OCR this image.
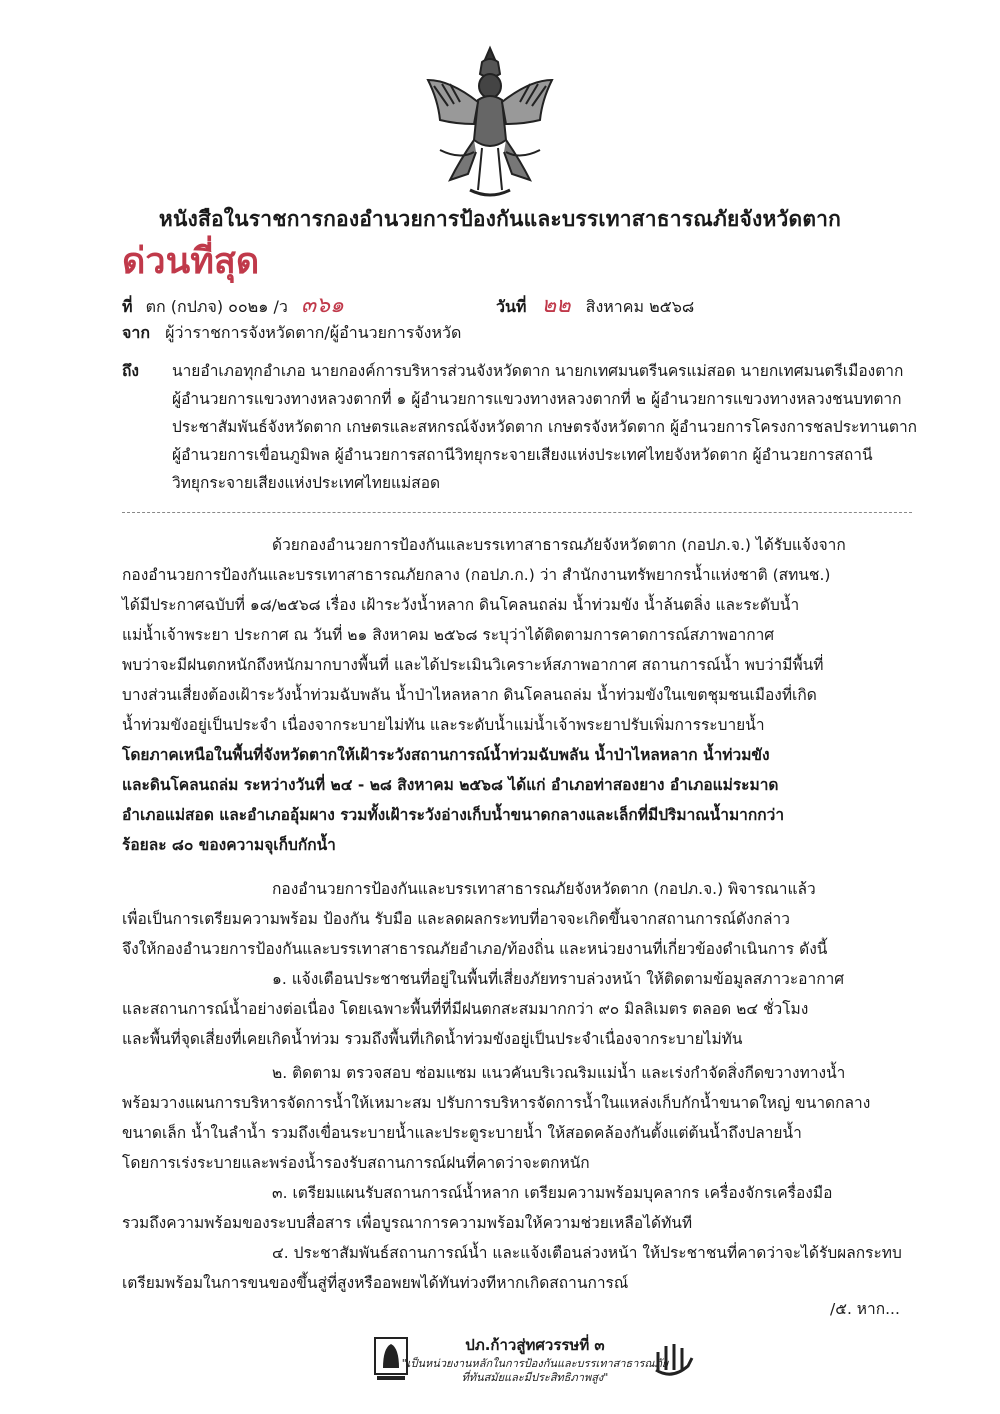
หนังสือในราชการกองอำนวยการป้องกันและบรรเทาสาธารณภัยจังหวัดตาก
ด่วนที่สุด
ที่ ตก (กปภจ) ๐๐๒๑ /ว ๓๖๑	วันที่ ๒๒ สิงหาคม ๒๕๖๘
จาก ผู้ว่าราชการจังหวัดตาก/ผู้อำนวยการจังหวัด
ถึง นายอำเภอทุกอำเภอ นายกองค์การบริหารส่วนจังหวัดตาก นายกเทศมนตรีนครแม่สอด นายกเทศมนตรีเมืองตาก
ผู้อำนวยการแขวงทางหลวงตากที่ ๑ ผู้อำนวยการแขวงทางหลวงตากที่ ๒ ผู้อำนวยการแขวงทางหลวงชนบทตาก
ประชาสัมพันธ์จังหวัดตาก เกษตรและสหกรณ์จังหวัดตาก เกษตรจังหวัดตาก ผู้อำนวยการโครงการชลประทานตาก
ผู้อำนวยการเขื่อนภูมิพล ผู้อำนวยการสถานีวิทยุกระจายเสียงแห่งประเทศไทยจังหวัดตาก ผู้อำนวยการสถานี
วิทยุกระจายเสียงแห่งประเทศไทยแม่สอด
ด้วยกองอำนวยการป้องกันและบรรเทาสาธารณภัยจังหวัดตาก (กอปภ.จ.) ได้รับแจ้งจาก
กองอำนวยการป้องกันและบรรเทาสาธารณภัยกลาง (กอปภ.ก.) ว่า สำนักงานทรัพยากรน้ำแห่งชาติ (สทนช.)
ได้มีประกาศฉบับที่ ๑๘/๒๕๖๘ เรื่อง เฝ้าระวังน้ำหลาก ดินโคลนถล่ม น้ำท่วมขัง น้ำล้นตลิ่ง และระดับน้ำ
แม่น้ำเจ้าพระยา ประกาศ ณ วันที่ ๒๑ สิงหาคม ๒๕๖๘ ระบุว่าได้ติดตามการคาดการณ์สภาพอากาศ
พบว่าจะมีฝนตกหนักถึงหนักมากบางพื้นที่ และได้ประเมินวิเคราะห์สภาพอากาศ สถานการณ์น้ำ พบว่ามีพื้นที่
บางส่วนเสี่ยงต้องเฝ้าระวังน้ำท่วมฉับพลัน น้ำป่าไหลหลาก ดินโคลนถล่ม น้ำท่วมขังในเขตชุมชนเมืองที่เกิด
น้ำท่วมขังอยู่เป็นประจำ เนื่องจากระบายไม่ทัน และระดับน้ำแม่น้ำเจ้าพระยาปรับเพิ่มการระบายน้ำ
โดยภาคเหนือในพื้นที่จังหวัดตากให้เฝ้าระวังสถานการณ์น้ำท่วมฉับพลัน น้ำป่าไหลหลาก น้ำท่วมขัง
และดินโคลนถล่ม ระหว่างวันที่ ๒๔ - ๒๘ สิงหาคม ๒๕๖๘ ได้แก่ อำเภอท่าสองยาง อำเภอแม่ระมาด
อำเภอแม่สอด และอำเภออุ้มผาง รวมทั้งเฝ้าระวังอ่างเก็บน้ำขนาดกลางและเล็กที่มีปริมาณน้ำมากกว่า
ร้อยละ ๘๐ ของความจุเก็บกักน้ำ
กองอำนวยการป้องกันและบรรเทาสาธารณภัยจังหวัดตาก (กอปภ.จ.) พิจารณาแล้ว
เพื่อเป็นการเตรียมความพร้อม ป้องกัน รับมือ และลดผลกระทบที่อาจจะเกิดขึ้นจากสถานการณ์ดังกล่าว
จึงให้กองอำนวยการป้องกันและบรรเทาสาธารณภัยอำเภอ/ท้องถิ่น และหน่วยงานที่เกี่ยวข้องดำเนินการ ดังนี้
๑. แจ้งเตือนประชาชนที่อยู่ในพื้นที่เสี่ยงภัยทราบล่วงหน้า ให้ติดตามข้อมูลสภาวะอากาศ
และสถานการณ์น้ำอย่างต่อเนื่อง โดยเฉพาะพื้นที่ที่มีฝนตกสะสมมากกว่า ๙๐ มิลลิเมตร ตลอด ๒๔ ชั่วโมง
และพื้นที่จุดเสี่ยงที่เคยเกิดน้ำท่วม รวมถึงพื้นที่เกิดน้ำท่วมขังอยู่เป็นประจำเนื่องจากระบายไม่ทัน
๒. ติดตาม ตรวจสอบ ซ่อมแซม แนวคันบริเวณริมแม่น้ำ และเร่งกำจัดสิ่งกีดขวางทางน้ำ
พร้อมวางแผนการบริหารจัดการน้ำให้เหมาะสม ปรับการบริหารจัดการน้ำในแหล่งเก็บกักน้ำขนาดใหญ่ ขนาดกลาง
ขนาดเล็ก น้ำในลำน้ำ รวมถึงเขื่อนระบายน้ำและประตูระบายน้ำ ให้สอดคล้องกันตั้งแต่ต้นน้ำถึงปลายน้ำ
โดยการเร่งระบายและพร่องน้ำรองรับสถานการณ์ฝนที่คาดว่าจะตกหนัก
๓. เตรียมแผนรับสถานการณ์น้ำหลาก เตรียมความพร้อมบุคลากร เครื่องจักรเครื่องมือ
รวมถึงความพร้อมของระบบสื่อสาร เพื่อบูรณาการความพร้อมให้ความช่วยเหลือได้ทันที
๔. ประชาสัมพันธ์สถานการณ์น้ำ และแจ้งเตือนล่วงหน้า ให้ประชาชนที่คาดว่าจะได้รับผลกระทบ
เตรียมพร้อมในการขนของขึ้นสู่ที่สูงหรืออพยพได้ทันท่วงทีหากเกิดสถานการณ์
/๕. หาก...
ปภ.ก้าวสู่ทศวรรษที่ ๓
"เป็นหน่วยงานหลักในการป้องกันและบรรเทาสาธารณภัย
ที่ทันสมัยและมีประสิทธิภาพสูง"
